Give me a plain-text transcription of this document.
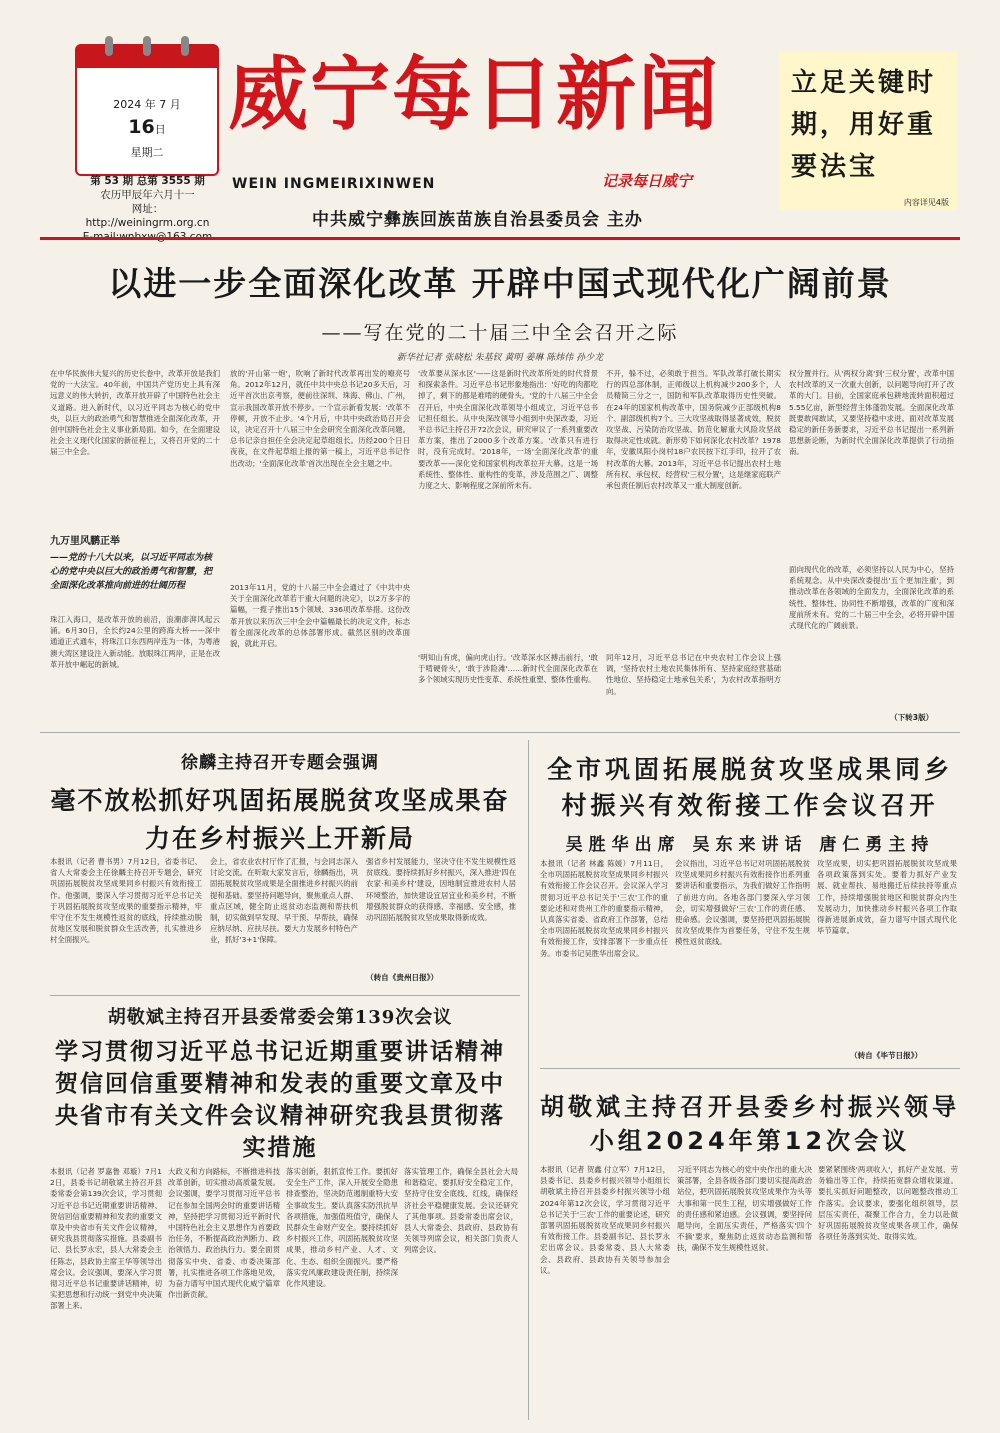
2024 年 7 月
16日
星期二
第 53 期 总第 3555 期
农历甲辰年六月十一
网址：http://weiningrm.org.cn
威宁每日新闻
WEIN INGMEIRIXINWEN	记录每日威宁
立足关键时期，用好重要法宝
内容详见4版
中共威宁彝族回族苗族自治县委员会 主办
以进一步全面深化改革 开辟中国式现代化广阔前景
——写在党的二十届三中全会召开之际
新华社记者 张晓松 朱基钗 黄明 姜琳 陈炜伟 孙少龙
在中华民族伟大复兴的历史长卷中，改革开放是我们党的一大法宝。40年前，中国共产党历史上具有深远意义的伟大转折，改革开放开辟了中国特色社会主义道路。进入新时代，以习近平同志为核心的党中央，以巨大的政治勇气和智慧推进全面深化改革，开创中国特色社会主义事业新局面。如今，在全面建设社会主义现代化国家的新征程上，又将召开党的二十届三中全会。
九万里风鹏正举
——党的十八大以来，以习近平同志为核心的党中央以巨大的政治勇气和智慧，把全面深化改革推向前进的壮阔历程
珠江入海口，是改革开放的前沿，浪潮澎湃风起云涌。6月30日，全长约24公里的跨海大桥——深中通道正式通车，将珠江口东西两岸连为一体，为粤港澳大湾区建设注入新动能。放眼珠江两岸，正是在改革开放中崛起的新城。
放的'开山第一炮'，吹响了新时代改革再出发的嘹亮号角。2012年12月，就任中共中央总书记20多天后，习近平首次出京考察，便前往深圳、珠海、佛山、广州，宣示我国改革开放不停步。一个宣示新看发展：'改革不停顿，开放不止步。'4个月后，中共中央政治局召开会议，决定召开十八届三中全会研究全面深化改革问题。总书记亲自担任全会决定起草组组长。历经200个日日夜夜，在文件起草组上报的第一稿上，习近平总书记作出改动；'全面深化改革'首次出现在全会主题之中。
2013年11月，党的十八届三中全会通过了《中共中央关于全面深化改革若干重大问题的决定》，以2万多字的篇幅，一揽子推出15个领域、336项改革举措。这份改革开放以来历次三中全会中篇幅最长的决定文件，标志着全面深化改革的总体部署形成。截然区别的改革面貌，就此开启。
'改革要从深水区'——这是新时代改革所处的时代背景和探索条件。习近平总书记形象地指出：'好吃的肉都吃掉了，剩下的都是难啃的硬骨头。'党的十八届三中全会召开后，中央全面深化改革领导小组成立，习近平总书记担任组长。从中央深改领导小组到中央深改委，习近平总书记主持召开72次会议，研究审议了一系列重要改革方案，推出了2000多个改革方案。'改革只有进行时，没有完成时。'2018年，一场'全面深化改革'的重要改革——深化党和国家机构改革拉开大幕。这是一场系统性、整体性、重构性的变革，涉及范围之广、调整力度之大、影响程度之深前所未有。
'明知山有虎，偏向虎山行。'改革深水区搏击前行，'敢于啃硬骨头'，'敢于涉险滩'……新时代全面深化改革在多个领域实现历史性变革、系统性重塑、整体性重构。
不开，躲不过，必须敢于担当。军队改革打破长期实行的四总部体制，正师级以上机构减少200多个，人员精简三分之一，国防和军队改革取得历史性突破。在24年的国家机构改革中，国务院减少正部级机构8个、副部级机构7个。三大攻坚战取得显著成效，脱贫攻坚战、污染防治攻坚战、防范化解重大风险攻坚战取得决定性成就。新形势下如何深化农村改革？1978年，安徽凤阳小岗村18户农民按下红手印，拉开了农村改革的大幕。2013年，习近平总书记提出农村土地所有权、承包权、经营权'三权分置'，这是继家庭联产承包责任制后农村改革又一重大制度创新。
同年12月，习近平总书记在中央农村工作会议上强调，'坚持农村土地农民集体所有、坚持家庭经营基础性地位、坚持稳定土地承包关系'，为农村改革指明方向。
权分置并行。从'两权分离'到'三权分置'，改革中国农村改革的又一次重大创新，以问题导向打开了改革的大门。目前，全国家庭承包耕地流转面积超过5.55亿亩，新型经营主体蓬勃发展。全面深化改革既要敢闯敢试，又要坚持稳中求进。面对改革发展稳定的新任务新要求，习近平总书记提出一系列新思想新论断，为新时代全面深化改革提供了行动指南。
面向现代化的改革，必须坚持以人民为中心，坚持系统观念。从中央深改委提出'五个更加注重'，到推动改革在各领域的全面发力，全面深化改革的系统性、整体性、协同性不断增强，改革的广度和深度前所未有。党的二十届三中全会，必将开辟中国式现代化的广阔前景。
（下转3版）
徐麟主持召开专题会强调
毫不放松抓好巩固拓展脱贫攻坚成果奋力在乡村振兴上开新局
本报讯（记者 曹书男）7月12日，省委书记、省人大常委会主任徐麟主持召开专题会，研究巩固拓展脱贫攻坚成果同乡村振兴有效衔接工作。他强调，要深入学习贯彻习近平总书记关于巩固拓展脱贫攻坚成果的重要指示精神，牢牢守住不发生规模性返贫的底线，持续推动脱贫地区发展和脱贫群众生活改善，扎实推进乡村全面振兴。
会上，省农业农村厅作了汇报，与会同志深入讨论交流。在听取大家发言后，徐麟指出，巩固拓展脱贫攻坚成果是全面推进乡村振兴的前提和基础。要坚持问题导向，聚焦重点人群、重点区域，健全防止返贫动态监测和帮扶机制，切实做到早发现、早干预、早帮扶，确保应纳尽纳、应扶尽扶。要大力发展乡村特色产业，抓好'3+1'保障。
强省乡村发展能力，坚决守住不发生规模性返贫底线。要持续抓好乡村振兴，深入推进'四在农家·和美乡村'建设，因地制宜推进农村人居环境整治，加快建设宜居宜业和美乡村，不断增强脱贫群众的获得感、幸福感、安全感，推动巩固拓展脱贫攻坚成果取得新成效。
（转自《贵州日报》）
胡敬斌主持召开县委常委会第139次会议
学习贯彻习近平总书记近期重要讲话精神贺信回信重要精神和发表的重要文章及中央省市有关文件会议精神研究我县贯彻落实措施
本报讯（记者 罗嘉鲁 邓璇）7月12日，县委书记胡敬斌主持召开县委常委会第139次会议，学习贯彻习近平总书记近期重要讲话精神、贺信回信重要精神和发表的重要文章及中央省市有关文件会议精神，研究我县贯彻落实措施。县委副书记、县长罗永宏，县人大常委会主任陈志，县政协主席王华等领导出席会议。会议强调，要深入学习贯彻习近平总书记重要讲话精神，切实把思想和行动统一到党中央决策部署上来。
大政义和方向路标，不断推进科技改革创新，切实推动高质量发展。会议强调，要学习贯彻习近平总书记在参加全国两会时的重要讲话精神，坚持把学习贯彻习近平新时代中国特色社会主义思想作为首要政治任务，不断提高政治判断力、政治领悟力、政治执行力。要全面贯彻落实中央、省委、市委决策部署，扎实推进各项工作落地见效，为奋力谱写中国式现代化威宁篇章作出新贡献。
落实创新，狠抓宣传工作。要抓好安全生产工作，深入开展安全隐患排查整治，坚决防范遏制重特大安全事故发生。要认真落实防汛抗旱各项措施，加强值班值守，确保人民群众生命财产安全。要持续抓好乡村振兴工作，巩固拓展脱贫攻坚成果，推动乡村产业、人才、文化、生态、组织全面振兴。要严格落实党风廉政建设责任制，持续深化作风建设。
落实管理工作，确保全县社会大局和谐稳定。要抓好安全稳定工作，坚持守住安全底线、红线，确保经济社会平稳健康发展。会议还研究了其他事项。县委常委出席会议，县人大常委会、县政府、县政协有关领导列席会议，相关部门负责人列席会议。
全市巩固拓展脱贫攻坚成果同乡村振兴有效衔接工作会议召开
吴胜华出席 吴东来讲话 唐仁勇主持
本报讯（记者 林鑫 陈媛）7月11日，全市巩固拓展脱贫攻坚成果同乡村振兴有效衔接工作会议召开。会议深入学习贯彻习近平总书记关于'三农'工作的重要论述和对贵州工作的重要指示精神，认真落实省委、省政府工作部署，总结全市巩固拓展脱贫攻坚成果同乡村振兴有效衔接工作，安排部署下一步重点任务。市委书记吴胜华出席会议。
会议指出，习近平总书记对巩固拓展脱贫攻坚成果同乡村振兴有效衔接作出系列重要讲话和重要指示，为我们做好工作指明了前进方向。各地各部门要深入学习领会，切实增强做好'三农'工作的责任感、使命感。会议强调，要坚持把巩固拓展脱贫攻坚成果作为首要任务，守住不发生规模性返贫底线。
攻坚成果，切实把巩固拓展脱贫攻坚成果各项政策落到实处。要着力抓好产业发展、就业帮扶、易地搬迁后续扶持等重点工作，持续增强脱贫地区和脱贫群众内生发展动力，加快推动乡村振兴各项工作取得新进展新成效，奋力谱写中国式现代化毕节篇章。
（转自《毕节日报》）
胡敬斌主持召开县委乡村振兴领导小组2024年第12次会议
本报讯（记者 贺鑫 付立军）7月12日，县委书记、县委乡村振兴领导小组组长胡敬斌主持召开县委乡村振兴领导小组2024年第12次会议，学习贯彻习近平总书记关于'三农'工作的重要论述，研究部署巩固拓展脱贫攻坚成果同乡村振兴有效衔接工作。县委副书记、县长罗永宏出席会议。县委常委、县人大常委会、县政府、县政协有关领导参加会议。
习近平同志为核心的党中央作出的重大决策部署，全县各级各部门要切实提高政治站位，把巩固拓展脱贫攻坚成果作为头等大事和第一民生工程，切实增强做好工作的责任感和紧迫感。会议强调，要坚持问题导向，全面压实责任，严格落实'四个不摘'要求，聚焦防止返贫动态监测和帮扶，确保不发生规模性返贫。
要紧紧围绕'两项收入'，抓好产业发展、劳务输出等工作，持续拓宽群众增收渠道。要扎实抓好问题整改，以问题整改推动工作落实。会议要求，要强化组织领导，层层压实责任，凝聚工作合力，全力以赴做好巩固拓展脱贫攻坚成果各项工作，确保各项任务落到实处、取得实效。
